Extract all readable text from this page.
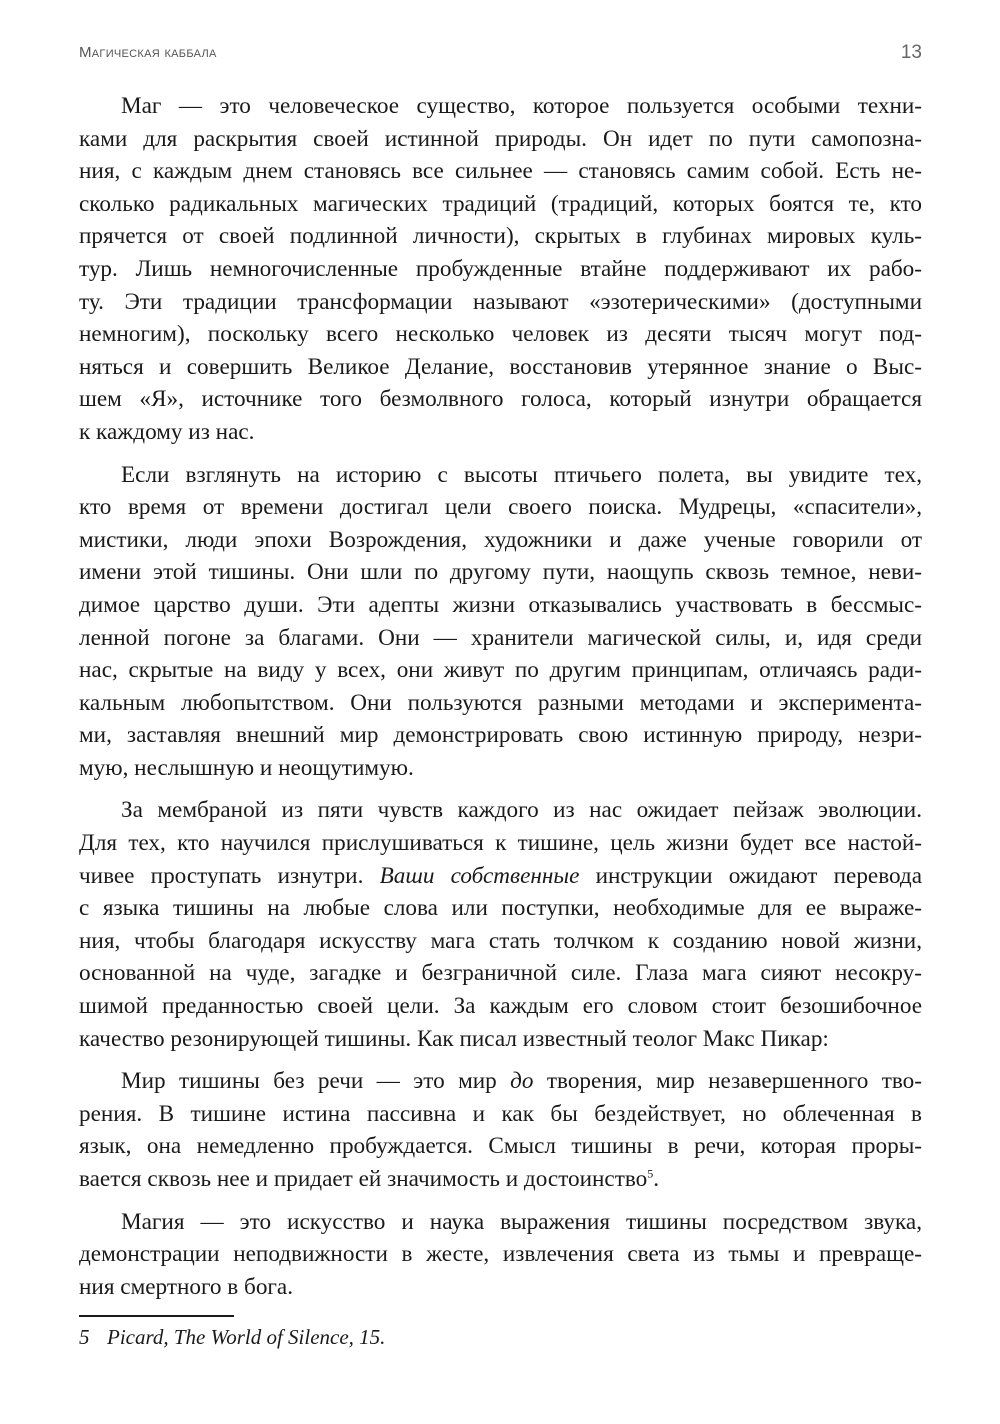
Магическая каббала	13
Маг — это человеческое существо, которое пользуется особыми техни-
ками для раскрытия своей истинной природы. Он идет по пути самопозна-
ния, с каждым днем становясь все сильнее — становясь самим собой. Есть не-
сколько радикальных магических традиций (традиций, которых боятся те, кто
прячется от своей подлинной личности), скрытых в глубинах мировых куль-
тур. Лишь немногочисленные пробужденные втайне поддерживают их рабо-
ту. Эти традиции трансформации называют «эзотерическими» (доступными
немногим), поскольку всего несколько человек из десяти тысяч могут под-
няться и совершить Великое Делание, восстановив утерянное знание о Выс-
шем «Я», источнике того безмолвного голоса, который изнутри обращается
к каждому из нас.
Если взглянуть на историю с высоты птичьего полета, вы увидите тех,
кто время от времени достигал цели своего поиска. Мудрецы, «спасители»,
мистики, люди эпохи Возрождения, художники и даже ученые говорили от
имени этой тишины. Они шли по другому пути, наощупь сквозь темное, неви-
димое царство души. Эти адепты жизни отказывались участвовать в бессмыс-
ленной погоне за благами. Они — хранители магической силы, и, идя среди
нас, скрытые на виду у всех, они живут по другим принципам, отличаясь ради-
кальным любопытством. Они пользуются разными методами и эксперимента-
ми, заставляя внешний мир демонстрировать свою истинную природу, незри-
мую, неслышную и неощутимую.
За мембраной из пяти чувств каждого из нас ожидает пейзаж эволюции.
Для тех, кто научился прислушиваться к тишине, цель жизни будет все настой-
чивее проступать изнутри. Ваши собственные инструкции ожидают перевода
с языка тишины на любые слова или поступки, необходимые для ее выраже-
ния, чтобы благодаря искусству мага стать толчком к созданию новой жизни,
основанной на чуде, загадке и безграничной силе. Глаза мага сияют несокру-
шимой преданностью своей цели. За каждым его словом стоит безошибочное
качество резонирующей тишины. Как писал известный теолог Макс Пикар:
Мир тишины без речи — это мир до творения, мир незавершенного тво-
рения. В тишине истина пассивна и как бы бездействует, но облеченная в
язык, она немедленно пробуждается. Смысл тишины в речи, которая проры-
вается сквозь нее и придает ей значимость и достоинство$^5$.
Магия — это искусство и наука выражения тишины посредством звука,
демонстрации неподвижности в жесте, извлечения света из тьмы и превраще-
ния смертного в бога.
5 Picard, The World of Silence, 15.
